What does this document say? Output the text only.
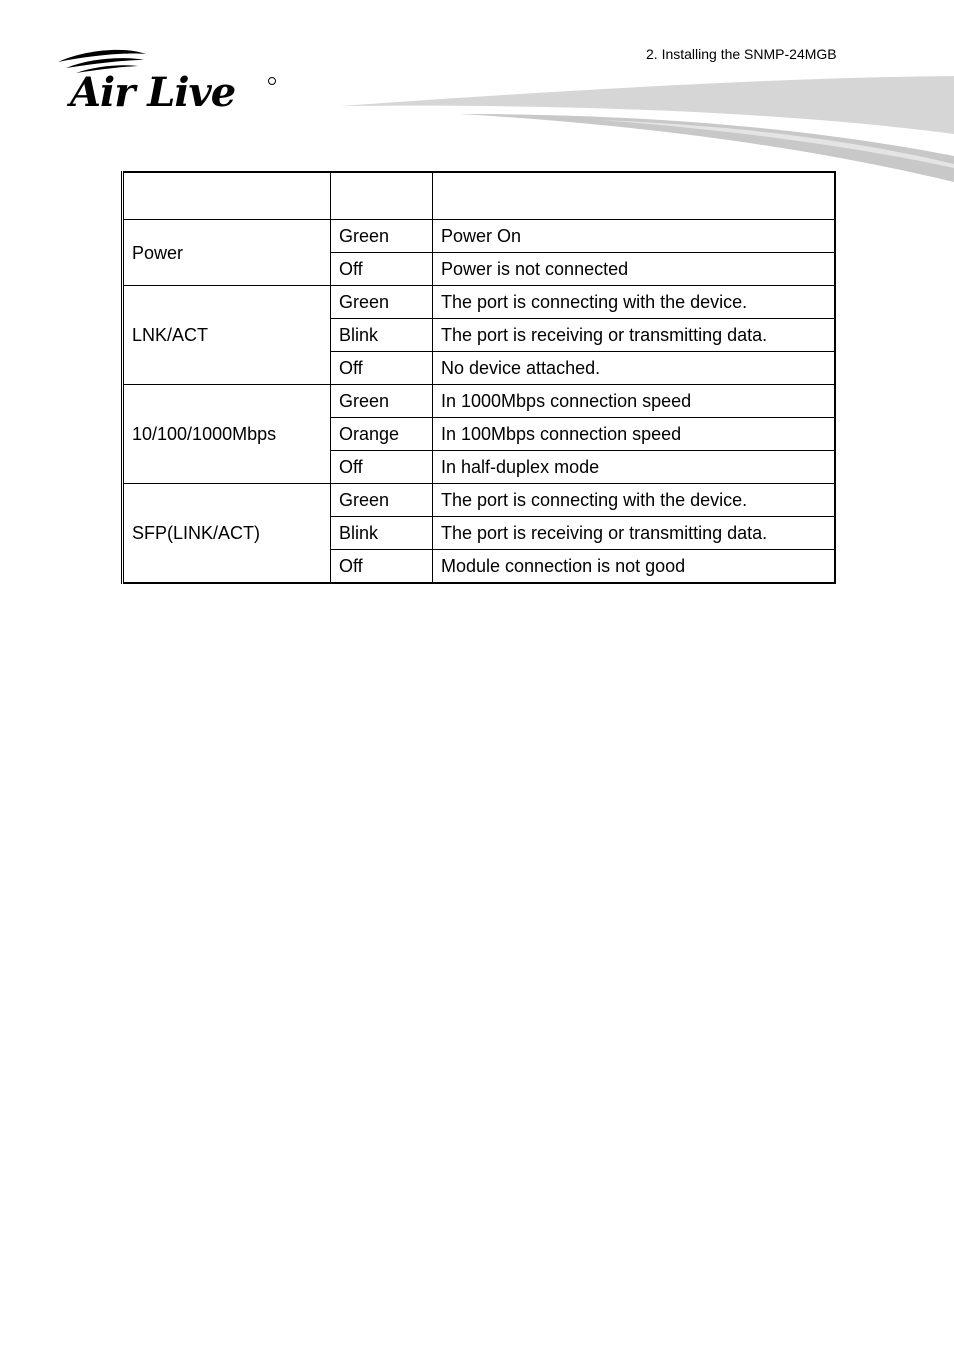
2. Installing the SNMP-24MGB
Air Live

Power	Green	Power On
	Off	Power is not connected
LNK/ACT	Green	The port is connecting with the device.
	Blink	The port is receiving or transmitting data.
	Off	No device attached.
10/100/1000Mbps	Green	In 1000Mbps connection speed
	Orange	In 100Mbps connection speed
	Off	In half-duplex mode
SFP(LINK/ACT)	Green	The port is connecting with the device.
	Blink	The port is receiving or transmitting data.
	Off	Module connection is not good
